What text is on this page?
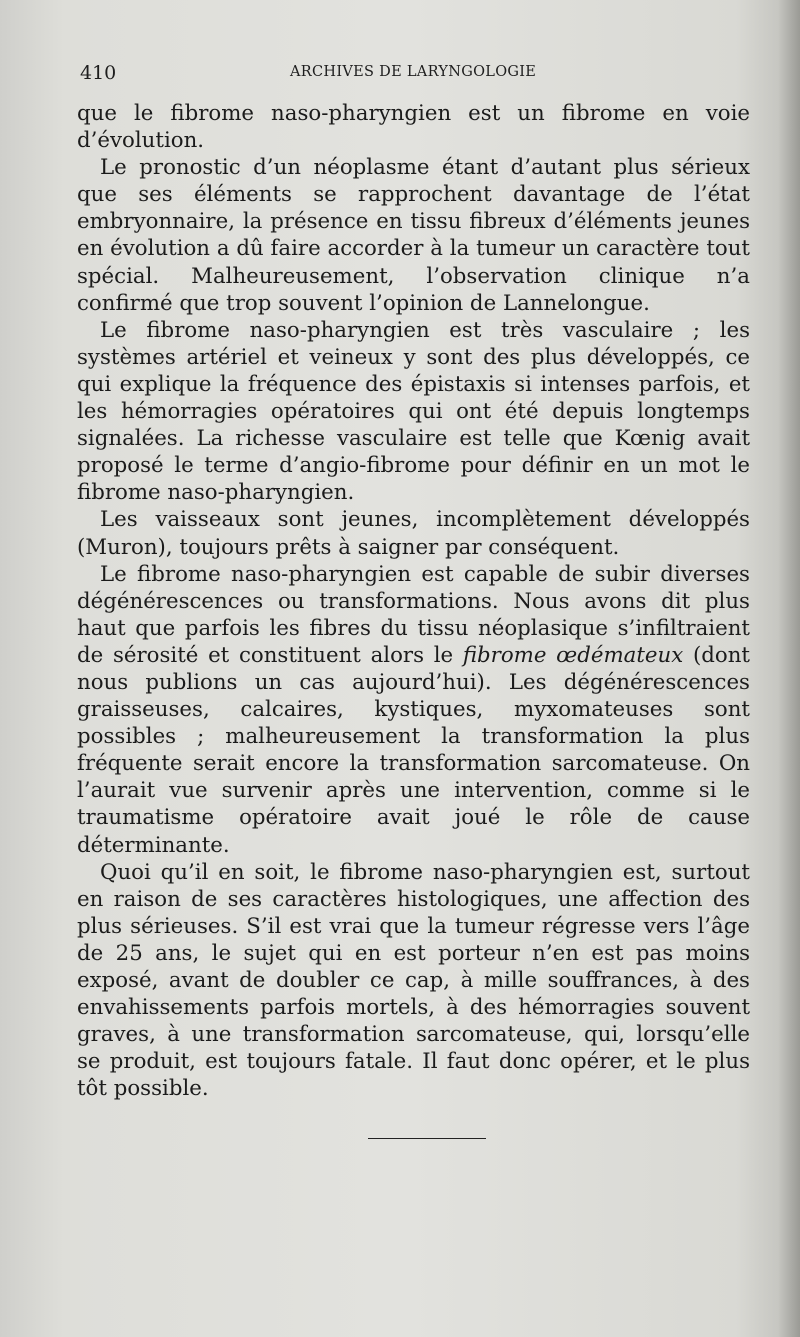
410	ARCHIVES DE LARYNGOLOGIE

que le fibrome naso-pharyngien est un fibrome en voie d’évolution.

Le pronostic d’un néoplasme étant d’autant plus sérieux que ses éléments se rapprochent davantage de l’état embryonnaire, la présence en tissu fibreux d’éléments jeunes en évolution a dû faire accorder à la tumeur un caractère tout spécial. Malheureusement, l’observation clinique n’a confirmé que trop souvent l’opinion de Lannelongue.

Le fibrome naso-pharyngien est très vasculaire ; les systèmes artériel et veineux y sont des plus développés, ce qui explique la fréquence des épistaxis si intenses parfois, et les hémorragies opératoires qui ont été depuis longtemps signalées. La richesse vasculaire est telle que Kœnig avait proposé le terme d’angio-fibrome pour définir en un mot le fibrome naso-pharyngien.

Les vaisseaux sont jeunes, incomplètement développés (Muron), toujours prêts à saigner par conséquent.

Le fibrome naso-pharyngien est capable de subir diverses dégénérescences ou transformations. Nous avons dit plus haut que parfois les fibres du tissu néoplasique s’infiltraient de sérosité et constituent alors le fibrome œdémateux (dont nous publions un cas aujourd’hui). Les dégénérescences graisseuses, calcaires, kystiques, myxomateuses sont possibles ; malheureusement la transformation la plus fréquente serait encore la transformation sarcomateuse. On l’aurait vue survenir après une intervention, comme si le traumatisme opératoire avait joué le rôle de cause déterminante.

Quoi qu’il en soit, le fibrome naso-pharyngien est, surtout en raison de ses caractères histologiques, une affection des plus sérieuses. S’il est vrai que la tumeur régresse vers l’âge de 25 ans, le sujet qui en est porteur n’en est pas moins exposé, avant de doubler ce cap, à mille souffrances, à des envahissements parfois mortels, à des hémorragies souvent graves, à une transformation sarcomateuse, qui, lorsqu’elle se produit, est toujours fatale. Il faut donc opérer, et le plus tôt possible.
